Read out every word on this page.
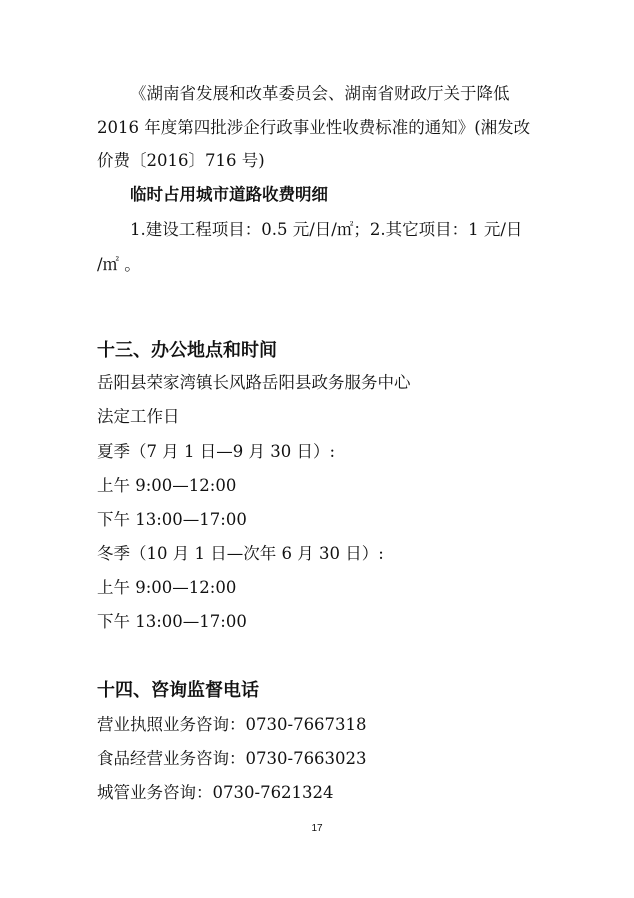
《湖南省发展和改革委员会、湖南省财政厅关于降低
2016 年度第四批涉企行政事业性收费标准的通知》(湘发改
价费〔2016〕716 号)
临时占用城市道路收费明细
1.建设工程项目：0.5 元/日/㎡；2.其它项目：1 元/日
/㎡ 。
十三、办公地点和时间
岳阳县荣家湾镇长风路岳阳县政务服务中心
法定工作日
夏季（7 月 1 日—9 月 30 日）:
上午 9:00—12:00
下午 13:00—17:00
冬季（10 月 1 日—次年 6 月 30 日）:
上午 9:00—12:00
下午 13:00—17:00
十四、咨询监督电话
营业执照业务咨询：0730-7667318
食品经营业务咨询：0730-7663023
城管业务咨询：0730-7621324
17
